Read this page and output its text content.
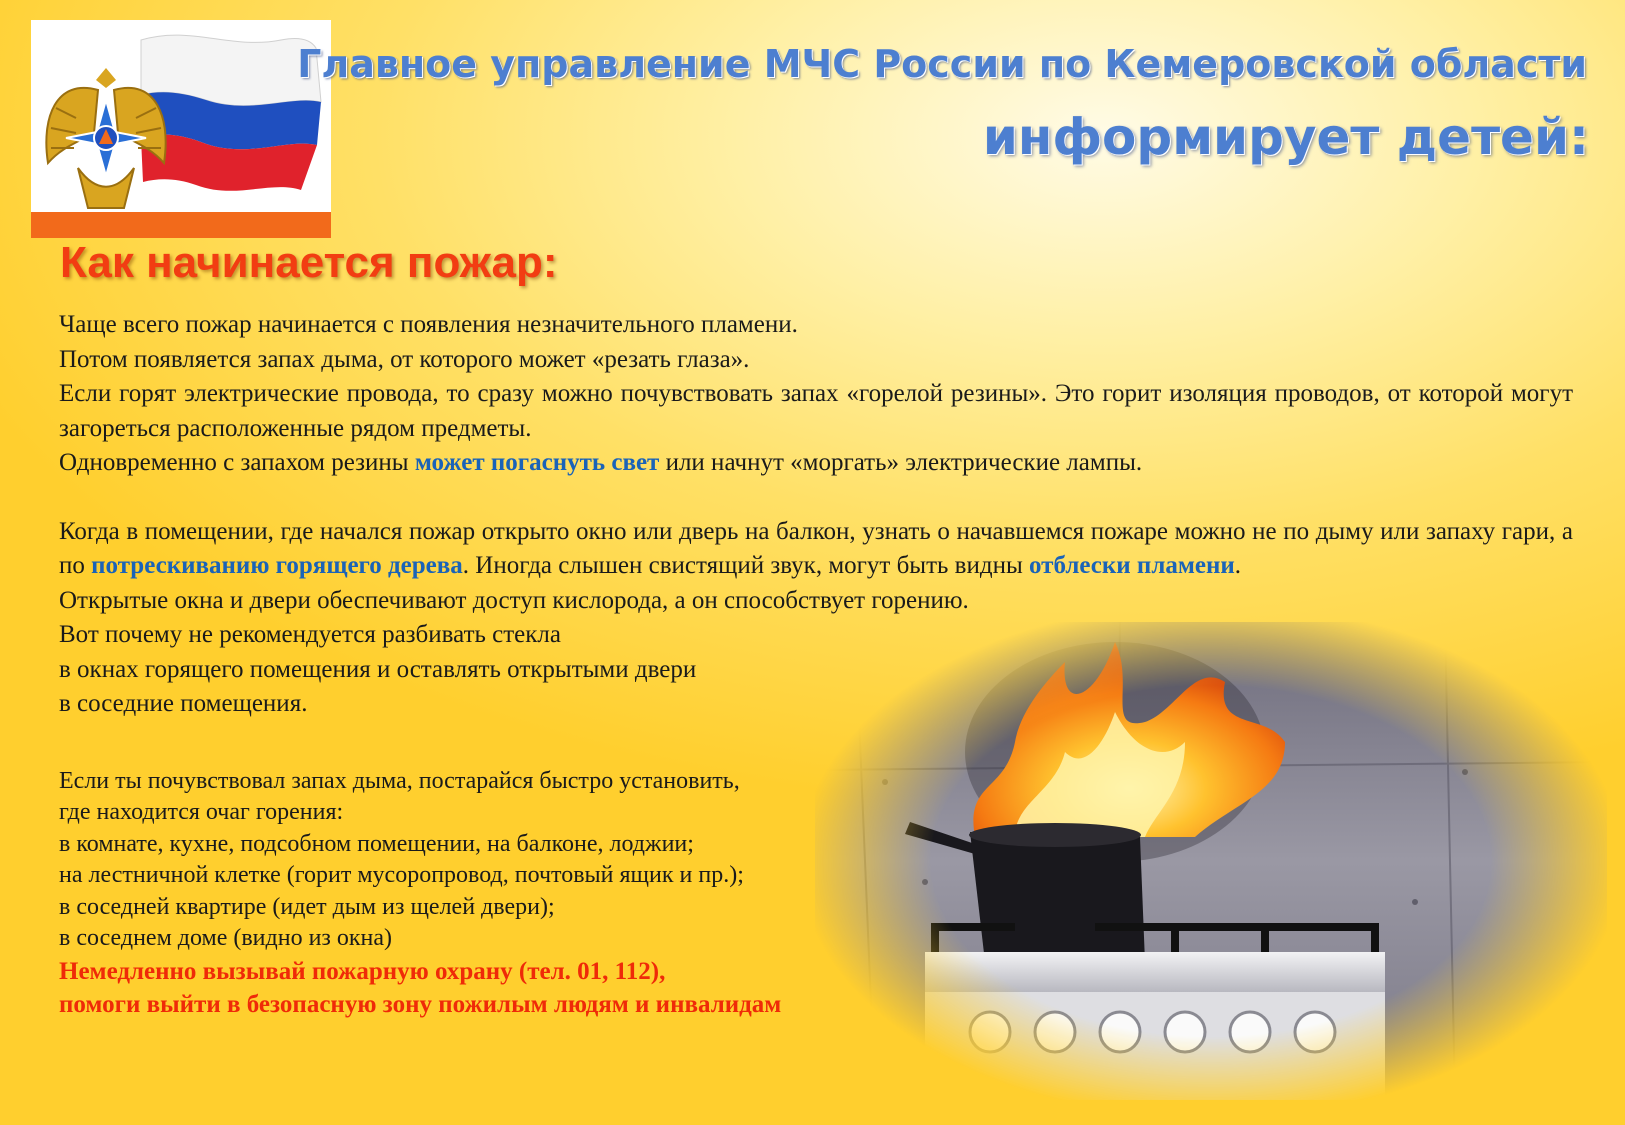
Главное управление МЧС России по Кемеровской области
информирует детей:
Как начинается пожар:

Чаще всего пожар начинается с появления незначительного пламени.

Потом появляется запах дыма, от которого может «резать глаза».

Если горят электрические провода, то сразу можно почувствовать запах «горелой резины». Это горит изоляция проводов, от которой могут загореться расположенные рядом предметы.

Одновременно с запахом резины может погаснуть свет или начнут «моргать» электрические лампы.

Когда в помещении, где начался пожар открыто окно или дверь на балкон, узнать о начавшемся пожаре можно не по дыму или запаху гари, а по потрескиванию горящего дерева. Иногда слышен свистящий звук, могут быть видны отблески пламени.

Открытые окна и двери обеспечивают доступ кислорода, а он способствует горению.

Вот почему не рекомендуется разбивать стекла

в окнах горящего помещения и оставлять открытыми двери

в соседние помещения.

Если ты почувствовал запах дыма, постарайся быстро установить,

где находится очаг горения:

в комнате, кухне, подсобном помещении, на балконе, лоджии;

на лестничной клетке (горит мусоропровод, почтовый ящик и пр.);

в соседней квартире (идет дым из щелей двери);

в соседнем доме (видно из окна)

Немедленно вызывай пожарную охрану (тел. 01, 112),

помоги выйти в безопасную зону пожилым людям и инвалидам
